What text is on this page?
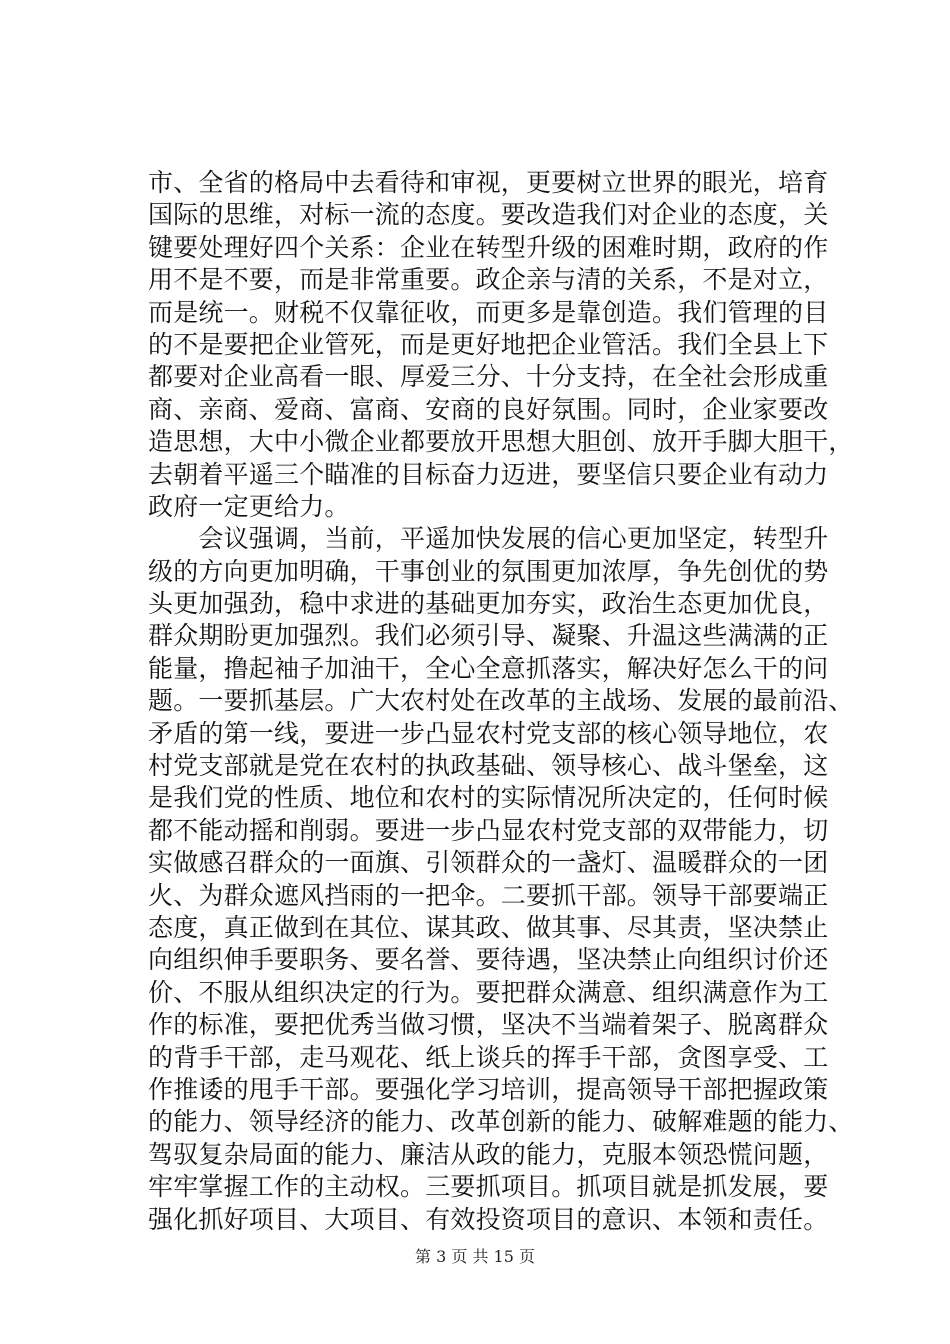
市、全省的格局中去看待和审视，更要树立世界的眼光，培育
国际的思维，对标一流的态度。要改造我们对企业的态度，关
键要处理好四个关系：企业在转型升级的困难时期，政府的作
用不是不要，而是非常重要。政企亲与清的关系，不是对立，
而是统一。财税不仅靠征收，而更多是靠创造。我们管理的目
的不是要把企业管死，而是更好地把企业管活。我们全县上下
都要对企业高看一眼、厚爱三分、十分支持，在全社会形成重
商、亲商、爱商、富商、安商的良好氛围。同时，企业家要改
造思想，大中小微企业都要放开思想大胆创、放开手脚大胆干，
去朝着平遥三个瞄准的目标奋力迈进，要坚信只要企业有动力
政府一定更给力。
　　会议强调，当前，平遥加快发展的信心更加坚定，转型升
级的方向更加明确，干事创业的氛围更加浓厚，争先创优的势
头更加强劲，稳中求进的基础更加夯实，政治生态更加优良，
群众期盼更加强烈。我们必须引导、凝聚、升温这些满满的正
能量，撸起袖子加油干，全心全意抓落实，解决好怎么干的问
题。一要抓基层。广大农村处在改革的主战场、发展的最前沿、
矛盾的第一线，要进一步凸显农村党支部的核心领导地位，农
村党支部就是党在农村的执政基础、领导核心、战斗堡垒，这
是我们党的性质、地位和农村的实际情况所决定的，任何时候
都不能动摇和削弱。要进一步凸显农村党支部的双带能力，切
实做感召群众的一面旗、引领群众的一盏灯、温暖群众的一团
火、为群众遮风挡雨的一把伞。二要抓干部。领导干部要端正
态度，真正做到在其位、谋其政、做其事、尽其责，坚决禁止
向组织伸手要职务、要名誉、要待遇，坚决禁止向组织讨价还
价、不服从组织决定的行为。要把群众满意、组织满意作为工
作的标准，要把优秀当做习惯，坚决不当端着架子、脱离群众
的背手干部，走马观花、纸上谈兵的挥手干部，贪图享受、工
作推诿的甩手干部。要强化学习培训，提高领导干部把握政策
的能力、领导经济的能力、改革创新的能力、破解难题的能力、
驾驭复杂局面的能力、廉洁从政的能力，克服本领恐慌问题，
牢牢掌握工作的主动权。三要抓项目。抓项目就是抓发展，要
强化抓好项目、大项目、有效投资项目的意识、本领和责任。
第 3 页 共 15 页
